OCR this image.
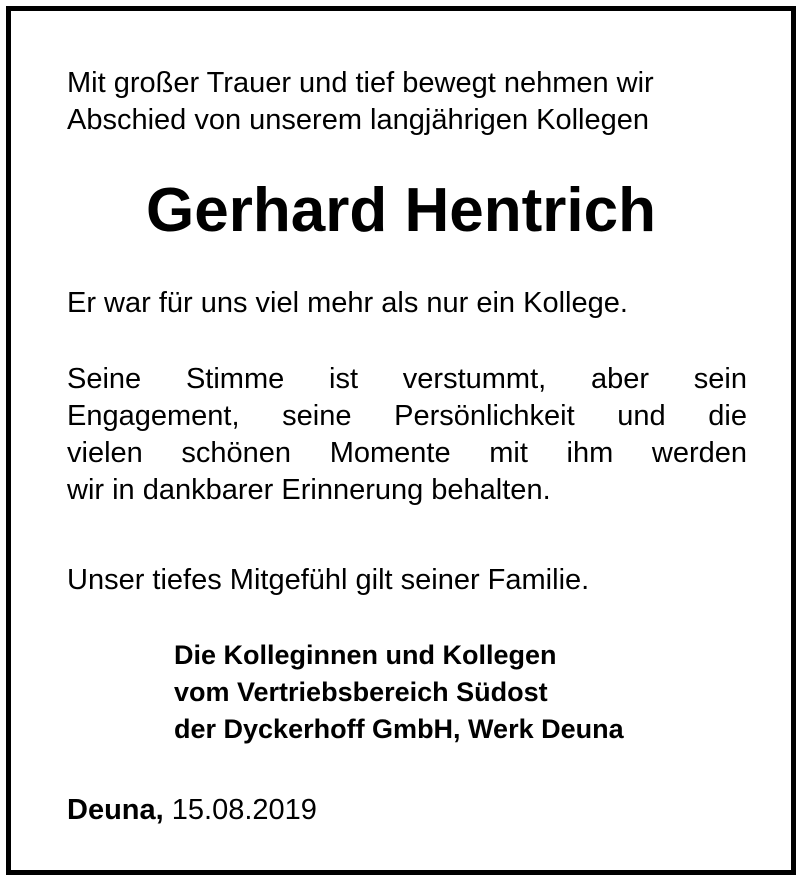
Mit großer Trauer und tief bewegt nehmen wir
Abschied von unserem langjährigen Kollegen

Gerhard Hentrich

Er war für uns viel mehr als nur ein Kollege.

Seine Stimme ist verstummt, aber sein
Engagement, seine Persönlichkeit und die
vielen schönen Momente mit ihm werden
wir in dankbarer Erinnerung behalten.

Unser tiefes Mitgefühl gilt seiner Familie.

Die Kolleginnen und Kollegen
vom Vertriebsbereich Südost
der Dyckerhoff GmbH, Werk Deuna

Deuna, 15.08.2019
